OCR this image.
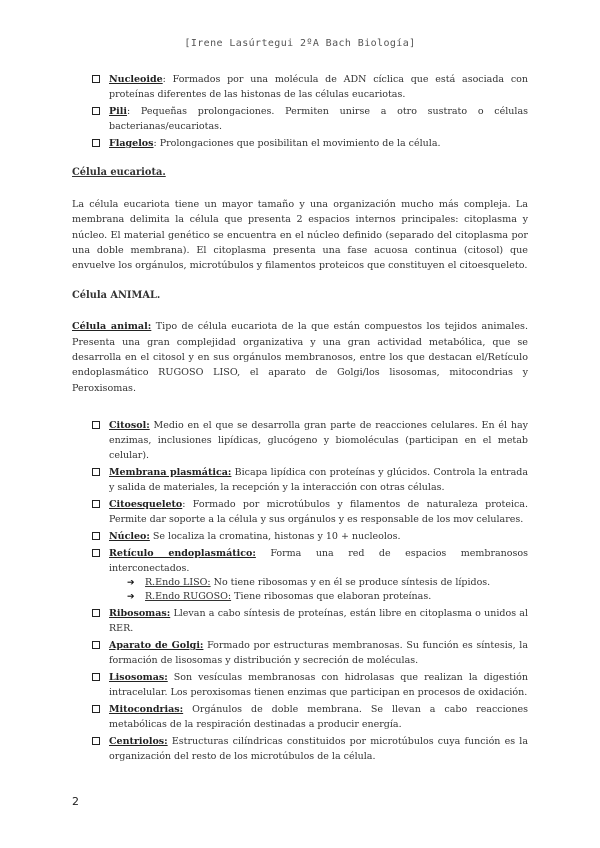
[Irene Lasúrtegui 2ºA Bach Biología]
Nucleoide: Formados por una molécula de ADN cíclica que está asociada con proteínas diferentes de las histonas de las células eucariotas.
Pili: Pequeñas prolongaciones. Permiten unirse a otro sustrato o células bacterianas/eucariotas.
Flagelos: Prolongaciones que posibilitan el movimiento de la célula.
Célula eucariota.
La célula eucariota tiene un mayor tamaño y una organización mucho más compleja. La membrana delimita la célula que presenta 2 espacios internos principales: citoplasma y núcleo. El material genético se encuentra en el núcleo definido (separado del citoplasma por una doble membrana). El citoplasma presenta una fase acuosa continua (citosol) que envuelve los orgánulos, microtúbulos y filamentos proteicos que constituyen el citoesqueleto.
Célula ANIMAL.
Célula animal: Tipo de célula eucariota de la que están compuestos los tejidos animales. Presenta una gran complejidad organizativa y una gran actividad metabólica, que se desarrolla en el citosol y en sus orgánulos membranosos, entre los que destacan el/Retículo endoplasmático RUGOSO LISO, el aparato de Golgi/los lisosomas, mitocondrias y Peroxisomas.
Citosol: Medio en el que se desarrolla gran parte de reacciones celulares. En él hay enzimas, inclusiones lipídicas, glucógeno y biomoléculas (participan en el metab celular).
Membrana plasmática: Bicapa lipídica con proteínas y glúcidos. Controla la entrada y salida de materiales, la recepción y la interacción con otras células.
Citoesqueleto: Formado por microtúbulos y filamentos de naturaleza proteica. Permite dar soporte a la célula y sus orgánulos y es responsable de los mov celulares.
Núcleo: Se localiza la cromatina, histonas y 10 + nucleolos.
Retículo endoplasmático: Forma una red de espacios membranosos interconectados.
➔ R.Endo LISO: No tiene ribosomas y en él se produce síntesis de lípidos.
➔ R.Endo RUGOSO: Tiene ribosomas que elaboran proteínas.
Ribosomas: Llevan a cabo síntesis de proteínas, están libre en citoplasma o unidos al RER.
Aparato de Golgi: Formado por estructuras membranosas. Su función es síntesis, la formación de lisosomas y distribución y secreción de moléculas.
Lisosomas: Son vesículas membranosas con hidrolasas que realizan la digestión intracelular. Los peroxisomas tienen enzimas que participan en procesos de oxidación.
Mitocondrias: Orgánulos de doble membrana. Se llevan a cabo reacciones metabólicas de la respiración destinadas a producir energía.
Centriolos: Estructuras cilíndricas constituidos por microtúbulos cuya función es la organización del resto de los microtúbulos de la célula.
2
